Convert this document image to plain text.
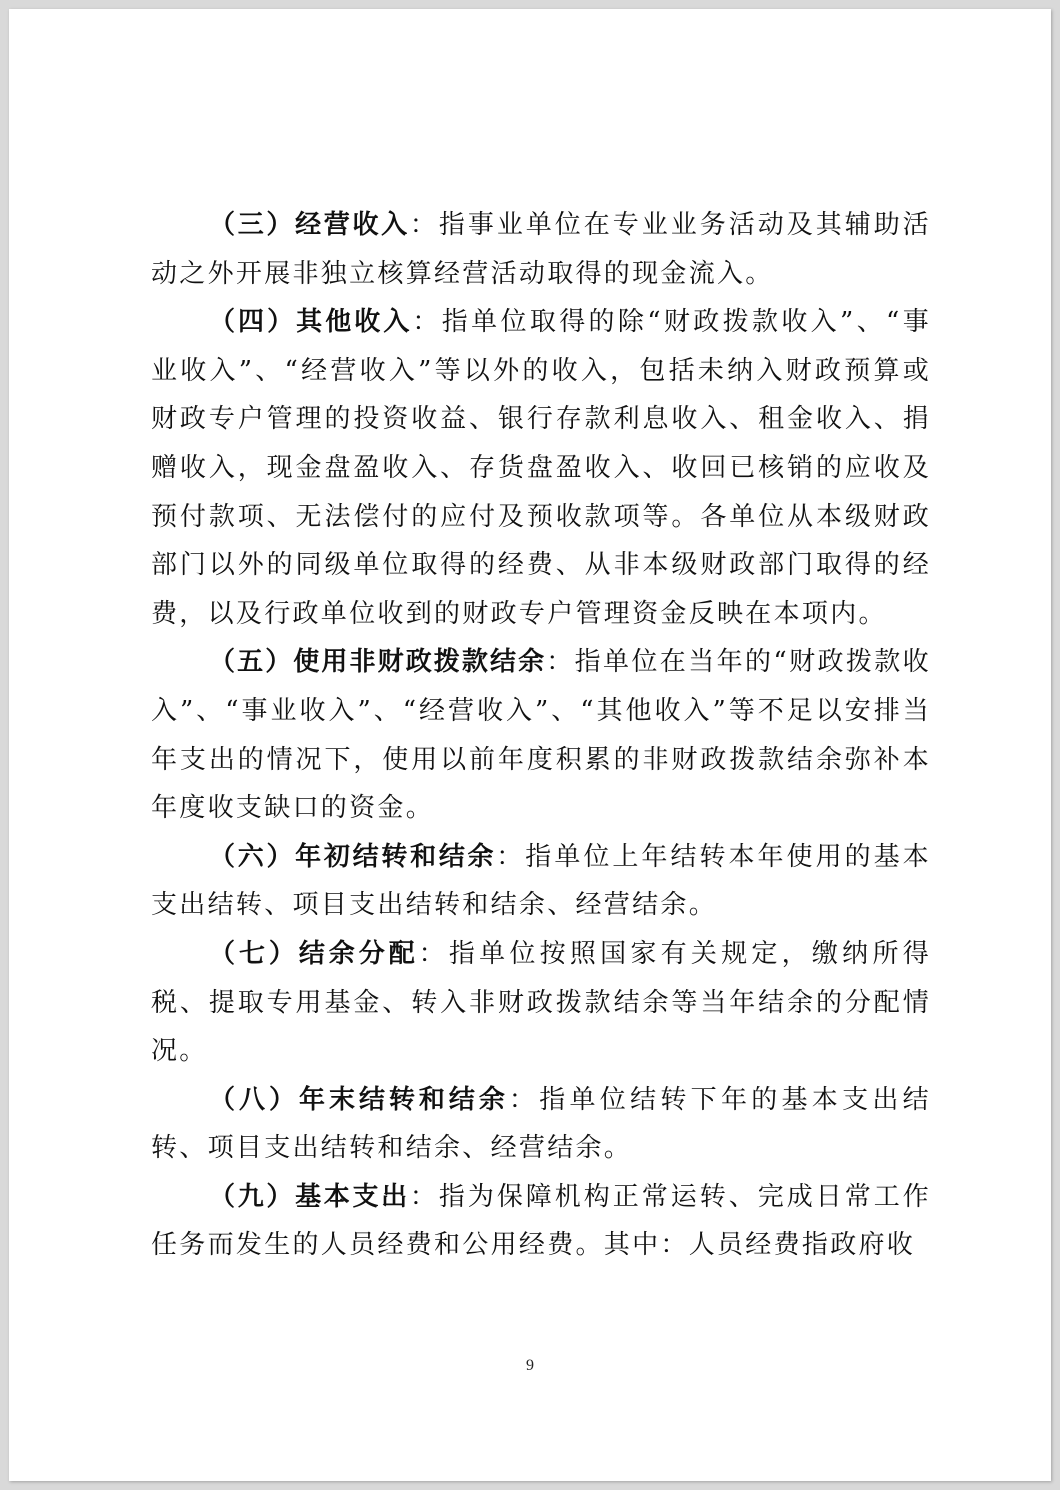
（三）经营收入：指事业单位在专业业务活动及其辅助活动之外开展非独立核算经营活动取得的现金流入。

（四）其他收入：指单位取得的除“财政拨款收入”、“事业收入”、“经营收入”等以外的收入，包括未纳入财政预算或财政专户管理的投资收益、银行存款利息收入、租金收入、捐赠收入，现金盘盈收入、存货盘盈收入、收回已核销的应收及预付款项、无法偿付的应付及预收款项等。各单位从本级财政部门以外的同级单位取得的经费、从非本级财政部门取得的经费，以及行政单位收到的财政专户管理资金反映在本项内。

（五）使用非财政拨款结余：指单位在当年的“财政拨款收入”、“事业收入”、“经营收入”、“其他收入”等不足以安排当年支出的情况下，使用以前年度积累的非财政拨款结余弥补本年度收支缺口的资金。

（六）年初结转和结余：指单位上年结转本年使用的基本支出结转、项目支出结转和结余、经营结余。

（七）结余分配：指单位按照国家有关规定，缴纳所得税、提取专用基金、转入非财政拨款结余等当年结余的分配情况。

（八）年末结转和结余：指单位结转下年的基本支出结转、项目支出结转和结余、经营结余。

（九）基本支出：指为保障机构正常运转、完成日常工作任务而发生的人员经费和公用经费。其中：人员经费指政府收

9
